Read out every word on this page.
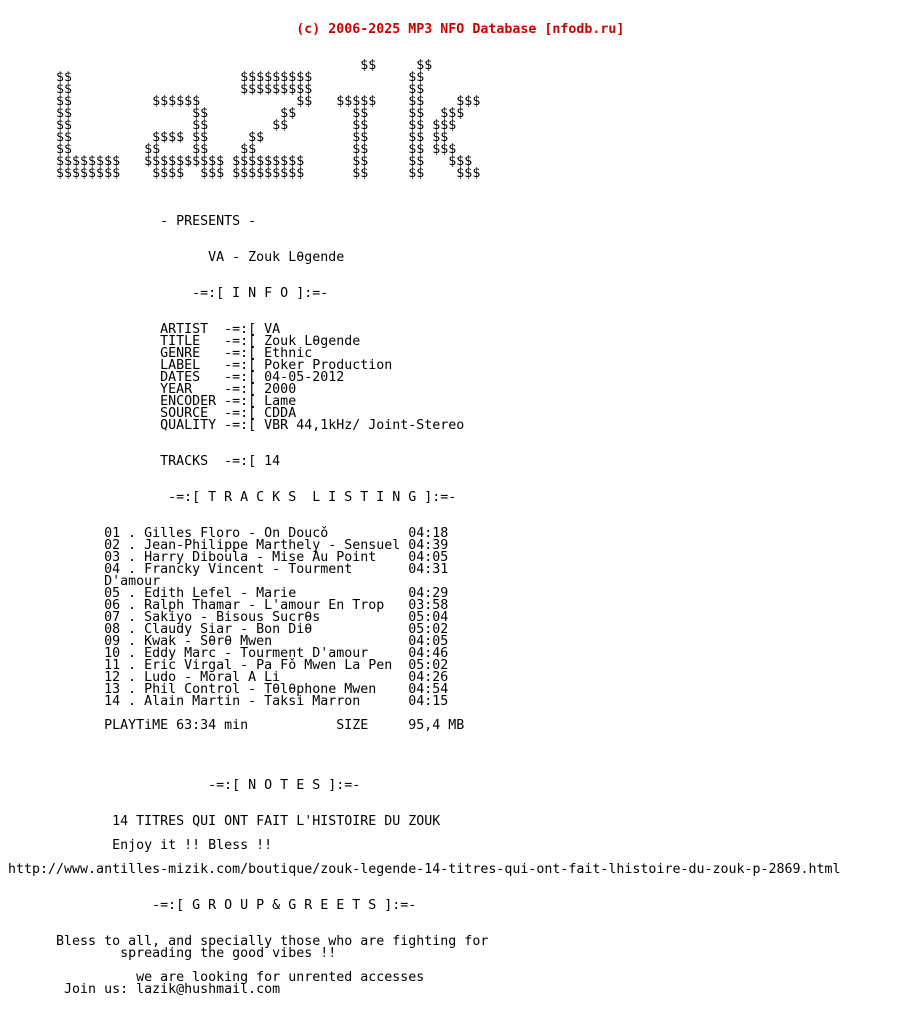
(c) 2006-2025 MP3 NFO Database [nfodb.ru]

$$     $$
$$                     $$$$$$$$$            $$
$$                     $$$$$$$$$            $$
$$          $$$$$$            $$   $$$$$    $$    $$$
$$               $$         $$       $$     $$  $$$
$$               $$        $$        $$     $$ $$$
$$          $$$$ $$     $$           $$     $$ $$
$$         $$    $$    $$            $$     $$ $$$
$$$$$$$$   $$$$$$$$$$ $$$$$$$$$      $$     $$   $$$
$$$$$$$$    $$$$  $$$ $$$$$$$$$      $$     $$    $$$

- PRESENTS -

VA - Zouk Lθgende

-=:[ I N F O ]:=-

ARTIST  -=:[ VA
TITLE   -=:[ Zouk Lθgende
GENRE   -=:[ Ethnic
LABEL   -=:[ Poker Production
DATES   -=:[ 04-05-2012
YEAR    -=:[ 2000
ENCODER -=:[ Lame
SOURCE  -=:[ CDDA
QUALITY -=:[ VBR 44,1kHz/ Joint-Stereo

TRACKS  -=:[ 14

-=:[ T R A C K S  L I S T I N G ]:=-

01 . Gilles Floro - On Doucǒ          04:18
02 . Jean-Philippe Marthely - Sensuel 04:39
03 . Harry Diboula - Mise Au Point    04:05
04 . Francky Vincent - Tourment       04:31
D'amour
05 . Edith Lefel - Marie              04:29
06 . Ralph Thamar - L'amour En Trop   03:58
07 . Sakiyo - Bisous Sucrθs           05:04
08 . Claudy Siar - Bon Diθ            05:02
09 . Kwak - Sθrθ Mwen                 04:05
10 . Eddy Marc - Tourment D'amour     04:46
11 . Eric Virgal - Pa Fǒ Mwen La Pen  05:02
12 . Ludo - Moral A Li                04:26
13 . Phil Control - Tθlθphone Mwen    04:54
14 . Alain Martin - Taksi Marron      04:15

PLAYTiME 63:34 min           SIZE     95,4 MB

-=:[ N O T E S ]:=-

14 TITRES QUI ONT FAIT L'HISTOIRE DU ZOUK

Enjoy it !! Bless !!

http://www.antilles-mizik.com/boutique/zouk-legende-14-titres-qui-ont-fait-lhistoire-du-zouk-p-2869.html

-=:[ G R O U P & G R E E T S ]:=-

Bless to all, and specially those who are fighting for
spreading the good vibes !!

we are looking for unrented accesses
Join us: lazik@hushmail.com
